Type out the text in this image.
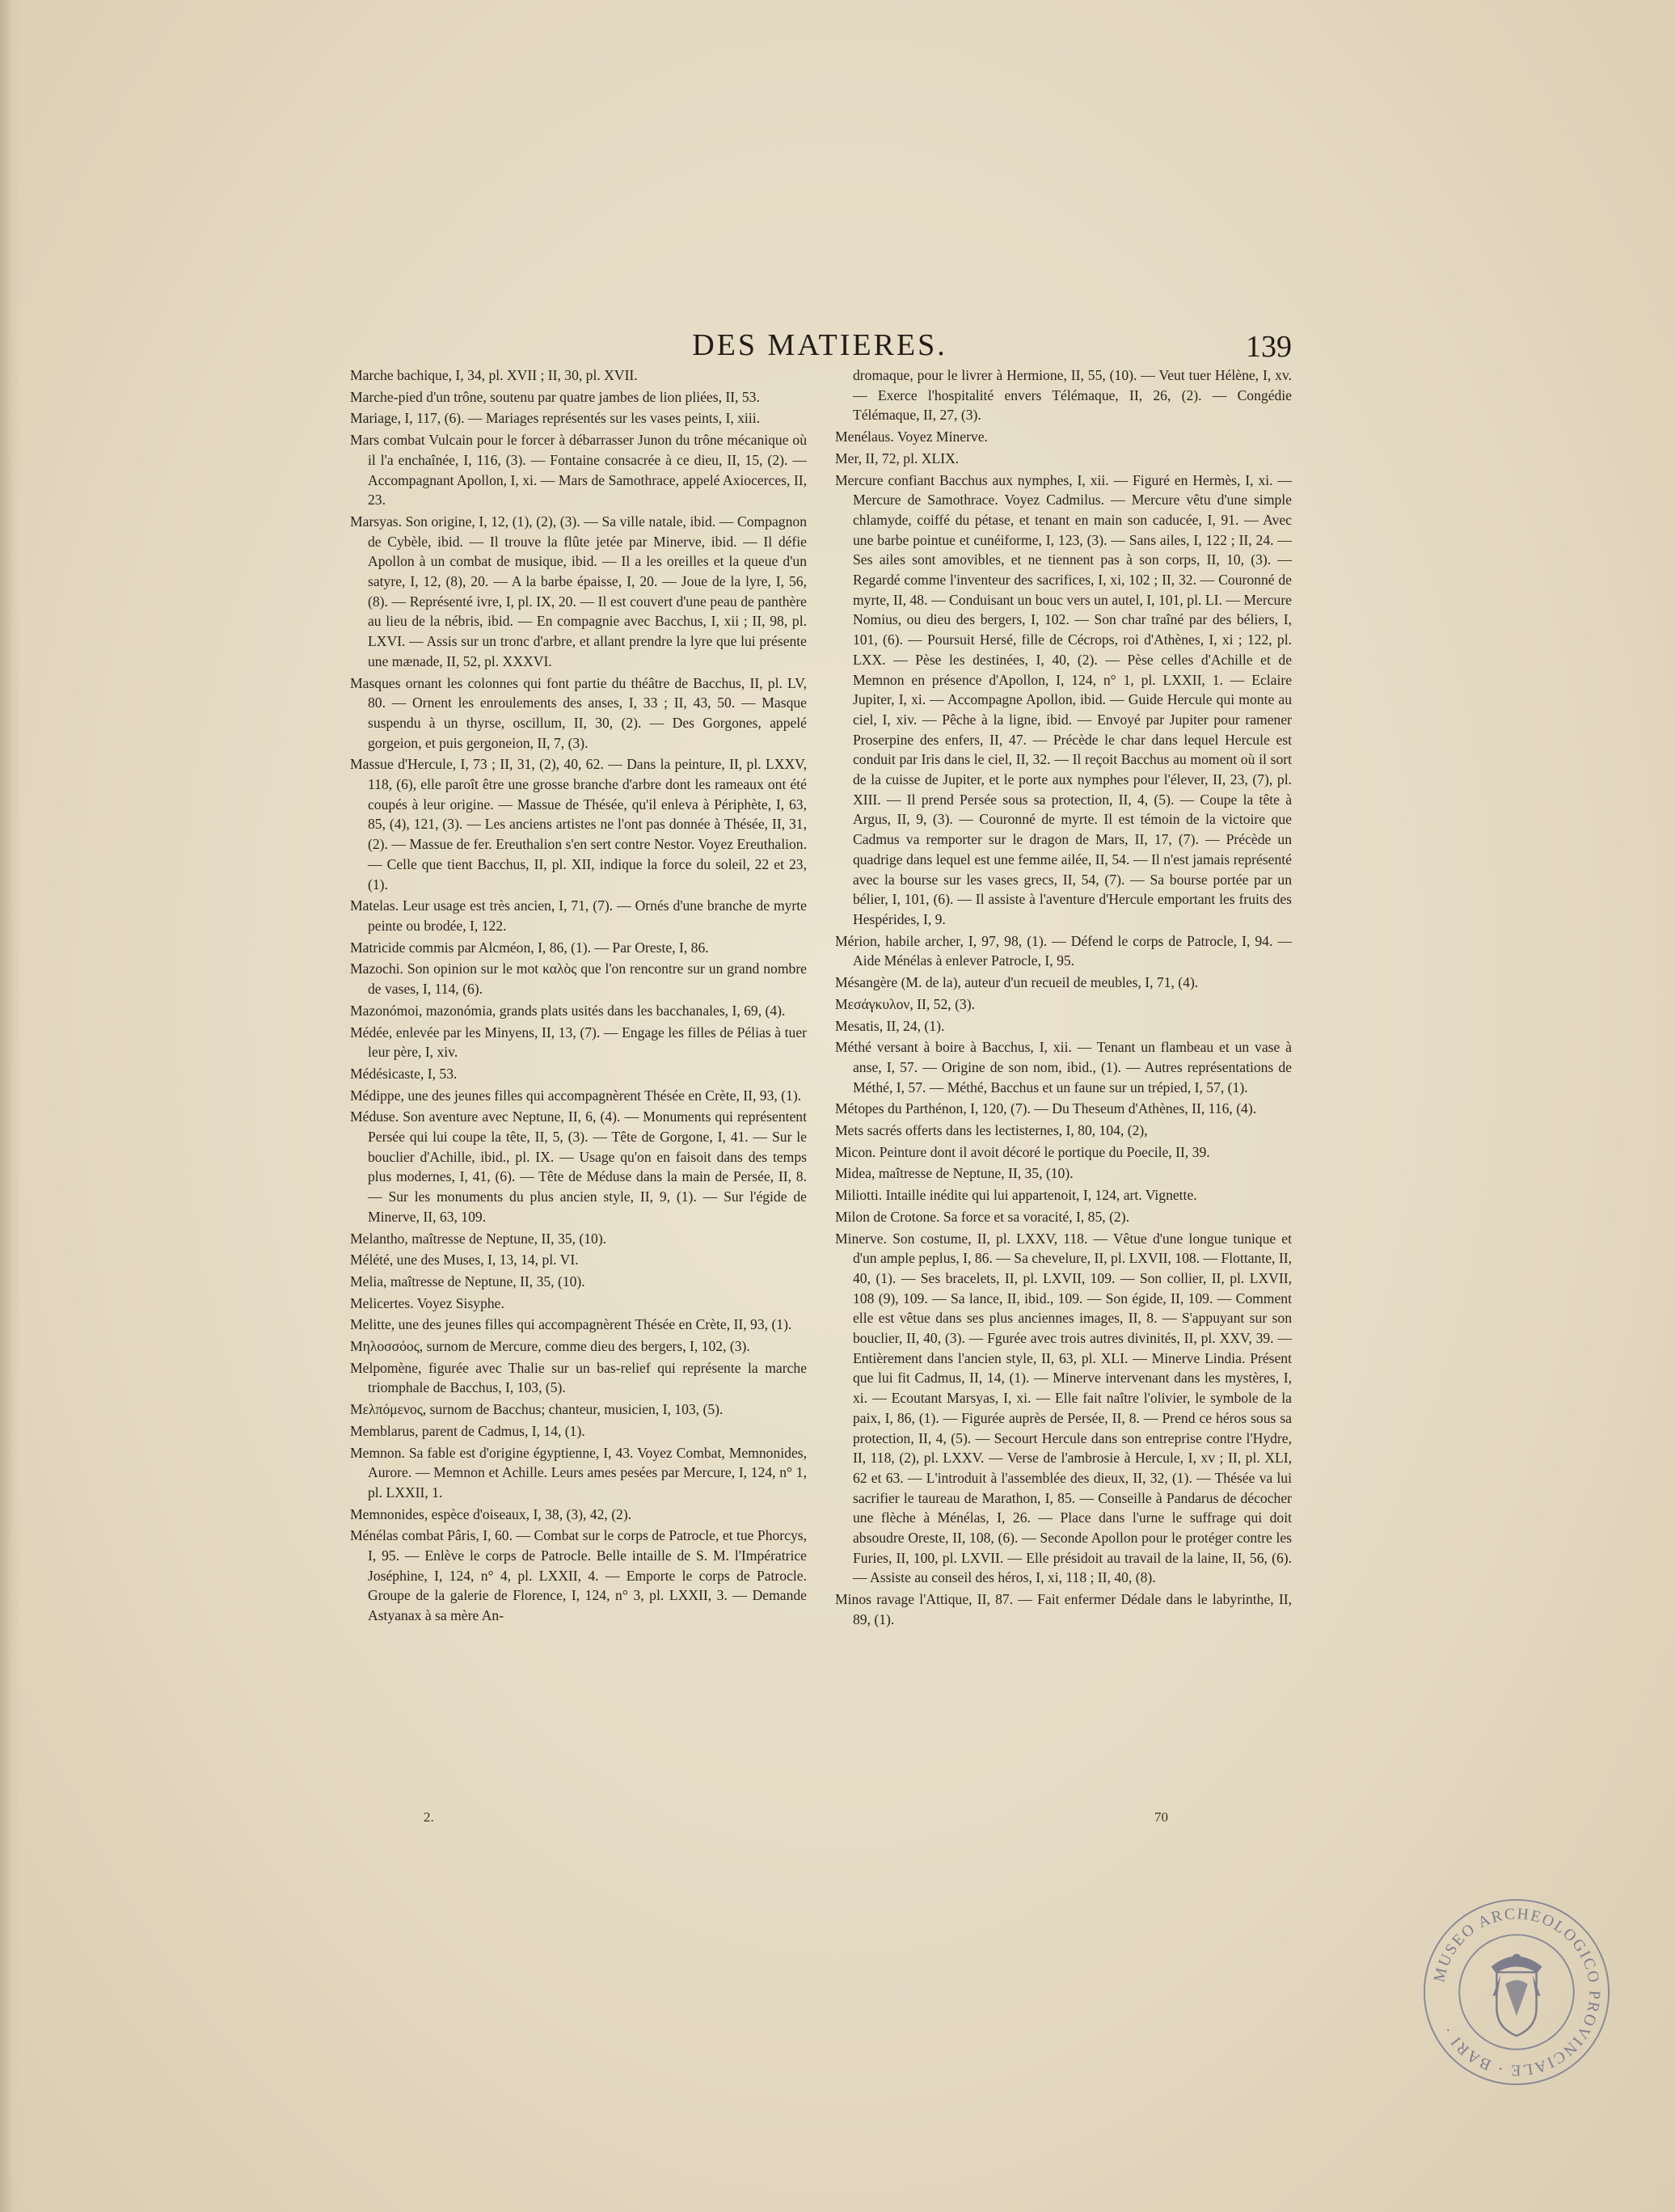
DES MATIERES.	139

Marche bachique, I, 34, pl. XVII ; II, 30, pl. XVII.

Marche-pied d'un trône, soutenu par quatre jambes de lion pliées, II, 53.

Mariage, I, 117, (6). — Mariages représentés sur les vases peints, I, xiii.

Mars combat Vulcain pour le forcer à débarrasser Junon du trône mécanique où il l'a enchaînée, I, 116, (3). — Fontaine consacrée à ce dieu, II, 15, (2). — Accompagnant Apollon, I, xi. — Mars de Samothrace, appelé Axiocerces, II, 23.

Marsyas. Son origine, I, 12, (1), (2), (3). — Sa ville natale, ibid. — Compagnon de Cybèle, ibid. — Il trouve la flûte jetée par Minerve, ibid. — Il défie Apollon à un combat de musique, ibid. — Il a les oreilles et la queue d'un satyre, I, 12, (8), 20. — A la barbe épaisse, I, 20. — Joue de la lyre, I, 56, (8). — Représenté ivre, I, pl. IX, 20. — Il est couvert d'une peau de panthère au lieu de la nébris, ibid. — En compagnie avec Bacchus, I, xii ; II, 98, pl. LXVI. — Assis sur un tronc d'arbre, et allant prendre la lyre que lui présente une mænade, II, 52, pl. XXXVI.

Masques ornant les colonnes qui font partie du théâtre de Bacchus, II, pl. LV, 80. — Ornent les enroulements des anses, I, 33 ; II, 43, 50. — Masque suspendu à un thyrse, oscillum, II, 30, (2). — Des Gorgones, appelé gorgeion, et puis gergoneion, II, 7, (3).

Massue d'Hercule, I, 73 ; II, 31, (2), 40, 62. — Dans la peinture, II, pl. LXXV, 118, (6), elle paroît être une grosse branche d'arbre dont les rameaux ont été coupés à leur origine. — Massue de Thésée, qu'il enleva à Périphète, I, 63, 85, (4), 121, (3). — Les anciens artistes ne l'ont pas donnée à Thésée, II, 31, (2). — Massue de fer. Ereuthalion s'en sert contre Nestor. Voyez Ereuthalion. — Celle que tient Bacchus, II, pl. XII, indique la force du soleil, 22 et 23, (1).

Matelas. Leur usage est très ancien, I, 71, (7). — Ornés d'une branche de myrte peinte ou brodée, I, 122.

Matricide commis par Alcméon, I, 86, (1). — Par Oreste, I, 86.

Mazochi. Son opinion sur le mot καλὸς que l'on rencontre sur un grand nombre de vases, I, 114, (6).

Mazonómoi, mazonómia, grands plats usités dans les bacchanales, I, 69, (4).

Médée, enlevée par les Minyens, II, 13, (7). — Engage les filles de Pélias à tuer leur père, I, xiv.

Médésicaste, I, 53.

Médippe, une des jeunes filles qui accompagnèrent Thésée en Crète, II, 93, (1).

Méduse. Son aventure avec Neptune, II, 6, (4). — Monuments qui représentent Persée qui lui coupe la tête, II, 5, (3). — Tête de Gorgone, I, 41. — Sur le bouclier d'Achille, ibid., pl. IX. — Usage qu'on en faisoit dans des temps plus modernes, I, 41, (6). — Tête de Méduse dans la main de Persée, II, 8. — Sur les monuments du plus ancien style, II, 9, (1). — Sur l'égide de Minerve, II, 63, 109.

Melantho, maîtresse de Neptune, II, 35, (10).

Mélété, une des Muses, I, 13, 14, pl. VI.

Melia, maîtresse de Neptune, II, 35, (10).

Melicertes. Voyez Sisyphe.

Melitte, une des jeunes filles qui accompagnèrent Thésée en Crète, II, 93, (1).

Μηλοσσόος, surnom de Mercure, comme dieu des bergers, I, 102, (3).

Melpomène, figurée avec Thalie sur un bas-relief qui représente la marche triomphale de Bacchus, I, 103, (5).

Μελπόμενος, surnom de Bacchus; chanteur, musicien, I, 103, (5).

Memblarus, parent de Cadmus, I, 14, (1).

Memnon. Sa fable est d'origine égyptienne, I, 43. Voyez Combat, Memnonides, Aurore. — Memnon et Achille. Leurs ames pesées par Mercure, I, 124, n° 1, pl. LXXII, 1.

Memnonides, espèce d'oiseaux, I, 38, (3), 42, (2).

Ménélas combat Pâris, I, 60. — Combat sur le corps de Patrocle, et tue Phorcys, I, 95. — Enlève le corps de Patrocle. Belle intaille de S. M. l'Impératrice Joséphine, I, 124, n° 4, pl. LXXII, 4. — Emporte le corps de Patrocle. Groupe de la galerie de Florence, I, 124, n° 3, pl. LXXII, 3. — Demande Astyanax à sa mère An-

dromaque, pour le livrer à Hermione, II, 55, (10). — Veut tuer Hélène, I, xv. — Exerce l'hospitalité envers Télémaque, II, 26, (2). — Congédie Télémaque, II, 27, (3).

Menélaus. Voyez Minerve.

Mer, II, 72, pl. XLIX.

Mercure confiant Bacchus aux nymphes, I, xii. — Figuré en Hermès, I, xi. — Mercure de Samothrace. Voyez Cadmilus. — Mercure vêtu d'une simple chlamyde, coiffé du pétase, et tenant en main son caducée, I, 91. — Avec une barbe pointue et cunéiforme, I, 123, (3). — Sans ailes, I, 122 ; II, 24. — Ses ailes sont amovibles, et ne tiennent pas à son corps, II, 10, (3). — Regardé comme l'inventeur des sacrifices, I, xi, 102 ; II, 32. — Couronné de myrte, II, 48. — Conduisant un bouc vers un autel, I, 101, pl. LI. — Mercure Nomius, ou dieu des bergers, I, 102. — Son char traîné par des béliers, I, 101, (6). — Poursuit Hersé, fille de Cécrops, roi d'Athènes, I, xi ; 122, pl. LXX. — Pèse les destinées, I, 40, (2). — Pèse celles d'Achille et de Memnon en présence d'Apollon, I, 124, n° 1, pl. LXXII, 1. — Eclaire Jupiter, I, xi. — Accompagne Apollon, ibid. — Guide Hercule qui monte au ciel, I, xiv. — Pêche à la ligne, ibid. — Envoyé par Jupiter pour ramener Proserpine des enfers, II, 47. — Précède le char dans lequel Hercule est conduit par Iris dans le ciel, II, 32. — Il reçoit Bacchus au moment où il sort de la cuisse de Jupiter, et le porte aux nymphes pour l'élever, II, 23, (7), pl. XIII. — Il prend Persée sous sa protection, II, 4, (5). — Coupe la tête à Argus, II, 9, (3). — Couronné de myrte. Il est témoin de la victoire que Cadmus va remporter sur le dragon de Mars, II, 17, (7). — Précède un quadrige dans lequel est une femme ailée, II, 54. — Il n'est jamais représenté avec la bourse sur les vases grecs, II, 54, (7). — Sa bourse portée par un bélier, I, 101, (6). — Il assiste à l'aventure d'Hercule emportant les fruits des Hespérides, I, 9.

Mérion, habile archer, I, 97, 98, (1). — Défend le corps de Patrocle, I, 94. — Aide Ménélas à enlever Patrocle, I, 95.

Mésangère (M. de la), auteur d'un recueil de meubles, I, 71, (4).

Μεσάγκυλον, II, 52, (3).

Mesatis, II, 24, (1).

Méthé versant à boire à Bacchus, I, xii. — Tenant un flambeau et un vase à anse, I, 57. — Origine de son nom, ibid., (1). — Autres représentations de Méthé, I, 57. — Méthé, Bacchus et un faune sur un trépied, I, 57, (1).

Métopes du Parthénon, I, 120, (7). — Du Theseum d'Athènes, II, 116, (4).

Mets sacrés offerts dans les lectisternes, I, 80, 104, (2),

Micon. Peinture dont il avoit décoré le portique du Poecile, II, 39.

Midea, maîtresse de Neptune, II, 35, (10).

Miliotti. Intaille inédite qui lui appartenoit, I, 124, art. Vignette.

Milon de Crotone. Sa force et sa voracité, I, 85, (2).

Minerve. Son costume, II, pl. LXXV, 118. — Vêtue d'une longue tunique et d'un ample peplus, I, 86. — Sa chevelure, II, pl. LXVII, 108. — Flottante, II, 40, (1). — Ses bracelets, II, pl. LXVII, 109. — Son collier, II, pl. LXVII, 108 (9), 109. — Sa lance, II, ibid., 109. — Son égide, II, 109. — Comment elle est vêtue dans ses plus anciennes images, II, 8. — S'appuyant sur son bouclier, II, 40, (3). — Fgurée avec trois autres divinités, II, pl. XXV, 39. — Entièrement dans l'ancien style, II, 63, pl. XLI. — Minerve Lindia. Présent que lui fit Cadmus, II, 14, (1). — Minerve intervenant dans les mystères, I, xi. — Ecoutant Marsyas, I, xi. — Elle fait naître l'olivier, le symbole de la paix, I, 86, (1). — Figurée auprès de Persée, II, 8. — Prend ce héros sous sa protection, II, 4, (5). — Secourt Hercule dans son entreprise contre l'Hydre, II, 118, (2), pl. LXXV. — Verse de l'ambrosie à Hercule, I, xv ; II, pl. XLI, 62 et 63. — L'introduit à l'assemblée des dieux, II, 32, (1). — Thésée va lui sacrifier le taureau de Marathon, I, 85. — Conseille à Pandarus de décocher une flèche à Ménélas, I, 26. — Place dans l'urne le suffrage qui doit absoudre Oreste, II, 108, (6). — Seconde Apollon pour le protéger contre les Furies, II, 100, pl. LXVII. — Elle présidoit au travail de la laine, II, 56, (6). — Assiste au conseil des héros, I, xi, 118 ; II, 40, (8).

Minos ravage l'Attique, II, 87. — Fait enfermer Dédale dans le labyrinthe, II, 89, (1).

2.	70
MUSEO ARCHEOLOGICO PROVINCIALE · BARI ·
